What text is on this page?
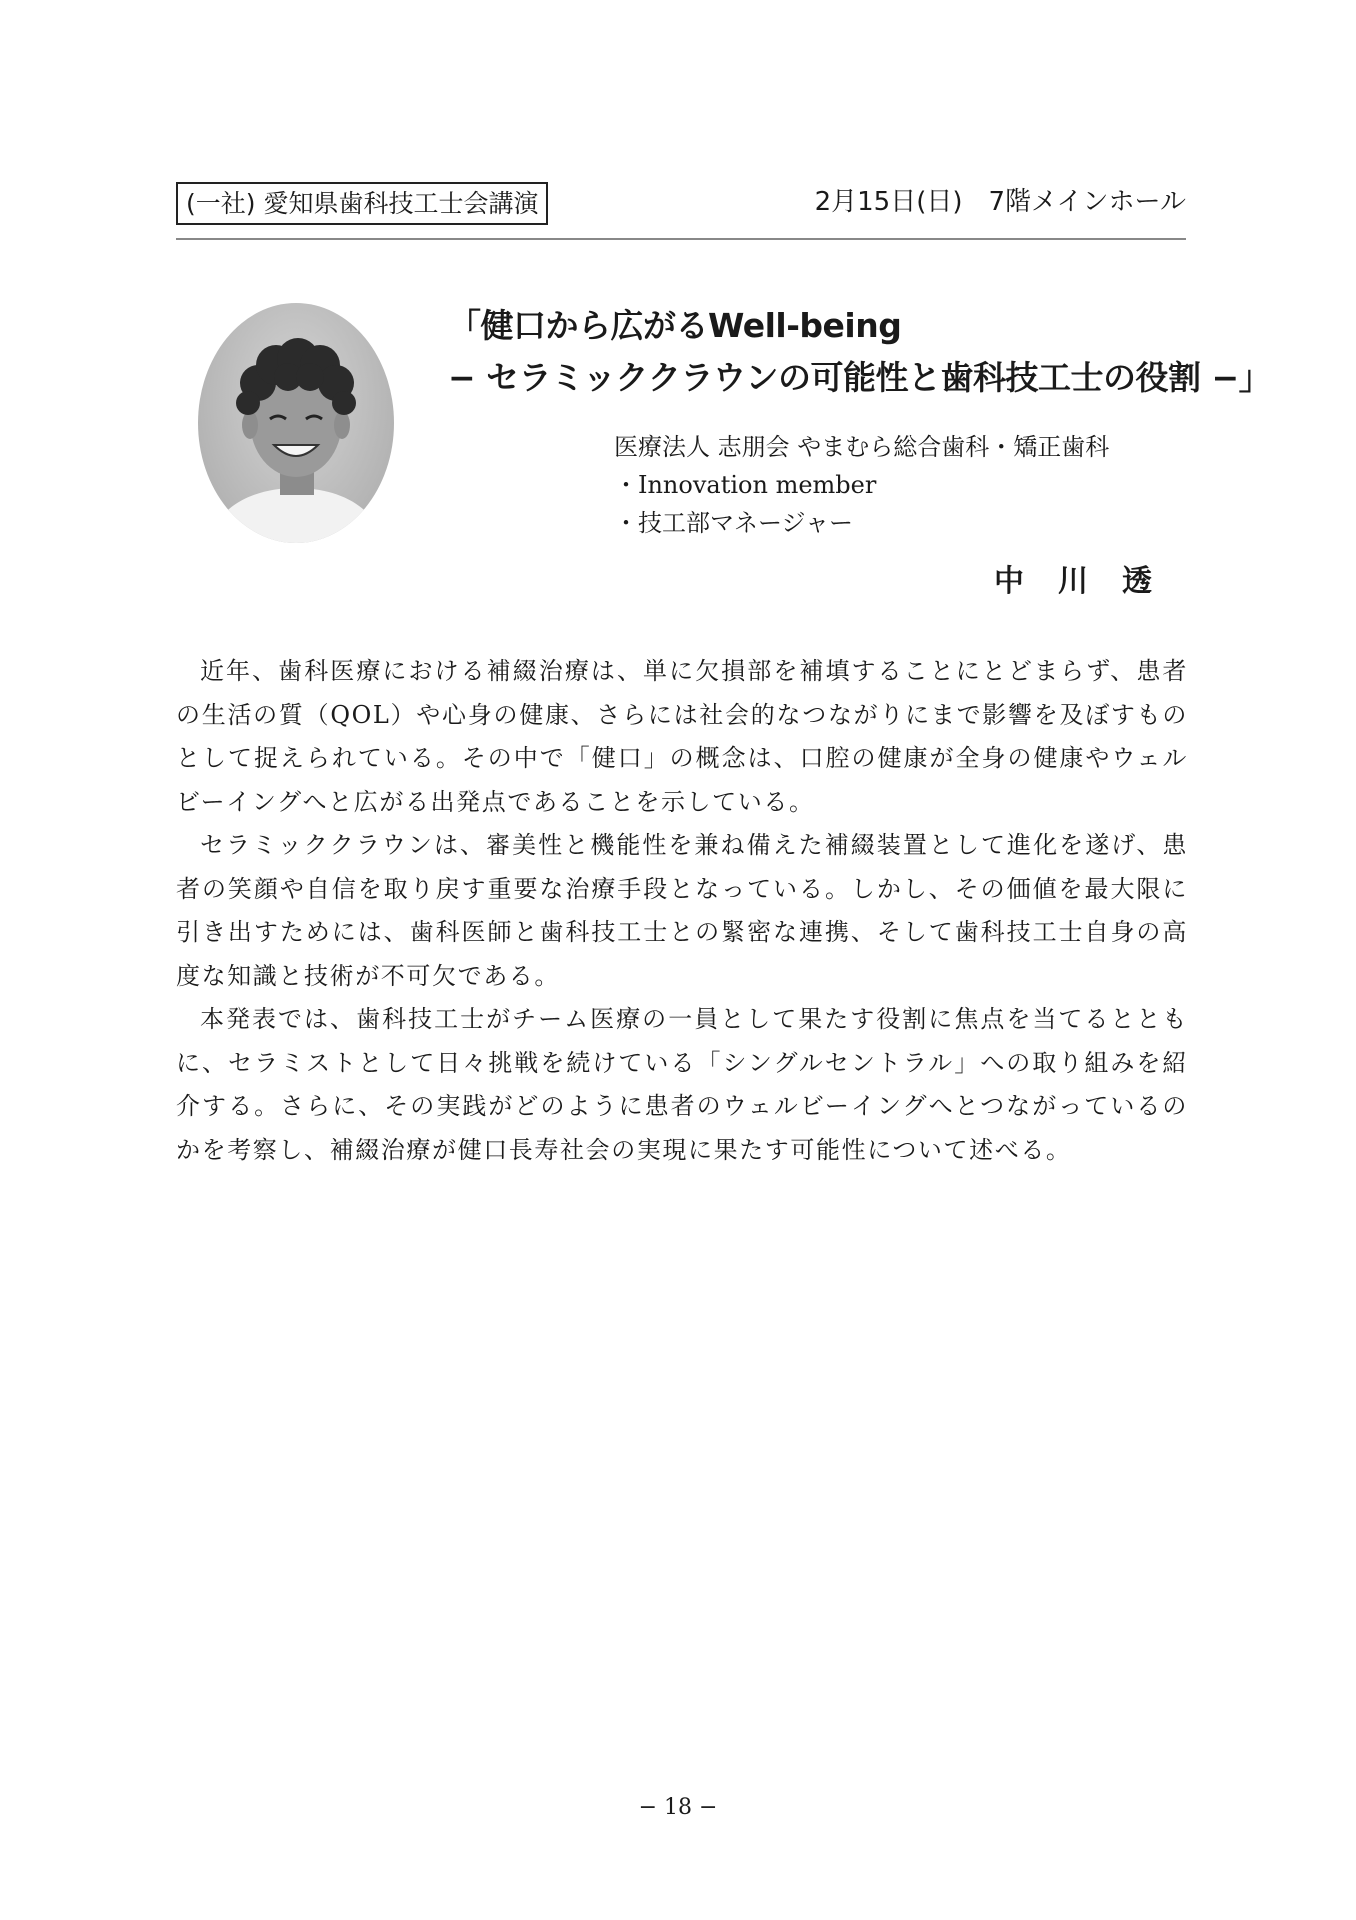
(一社) 愛知県歯科技工士会講演	2月15日(日)　7階メインホール
「健口から広がるWell-being
− セラミッククラウンの可能性と歯科技工士の役割 −」
医療法人 志朋会 やまむら総合歯科・矯正歯科
・Innovation member
・技工部マネージャー
中川透

近年、歯科医療における補綴治療は、単に欠損部を補填することにとどまらず、患者の生活の質（QOL）や心身の健康、さらには社会的なつながりにまで影響を及ぼすものとして捉えられている。その中で「健口」の概念は、口腔の健康が全身の健康やウェルビーイングへと広がる出発点であることを示している。

セラミッククラウンは、審美性と機能性を兼ね備えた補綴装置として進化を遂げ、患者の笑顔や自信を取り戻す重要な治療手段となっている。しかし、その価値を最大限に引き出すためには、歯科医師と歯科技工士との緊密な連携、そして歯科技工士自身の高度な知識と技術が不可欠である。

本発表では、歯科技工士がチーム医療の一員として果たす役割に焦点を当てるとともに、セラミストとして日々挑戦を続けている「シングルセントラル」への取り組みを紹介する。さらに、その実践がどのように患者のウェルビーイングへとつながっているのかを考察し、補綴治療が健口長寿社会の実現に果たす可能性について述べる。

− 18 −
